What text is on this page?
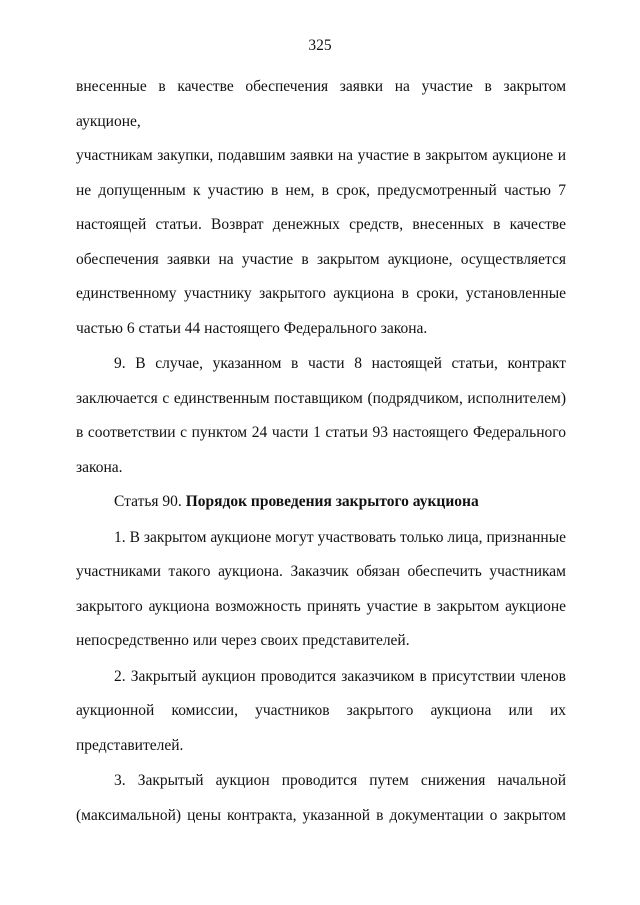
325
внесенные в качестве обеспечения заявки на участие в закрытом аукционе,
участникам закупки, подавшим заявки на участие в закрытом аукционе и
не допущенным к участию в нем, в срок, предусмотренный частью 7
настоящей статьи. Возврат денежных средств, внесенных в качестве
обеспечения заявки на участие в закрытом аукционе, осуществляется
единственному участнику закрытого аукциона в сроки, установленные
частью 6 статьи 44 настоящего Федерального закона.
9. В случае, указанном в части 8 настоящей статьи, контракт
заключается с единственным поставщиком (подрядчиком, исполнителем)
в соответствии с пунктом 24 части 1 статьи 93 настоящего Федерального
закона.
Статья 90. Порядок проведения закрытого аукциона
1. В закрытом аукционе могут участвовать только лица, признанные
участниками такого аукциона. Заказчик обязан обеспечить участникам
закрытого аукциона возможность принять участие в закрытом аукционе
непосредственно или через своих представителей.
2. Закрытый аукцион проводится заказчиком в присутствии членов
аукционной комиссии, участников закрытого аукциона или их
представителей.
3. Закрытый аукцион проводится путем снижения начальной
(максимальной) цены контракта, указанной в документации о закрытом
